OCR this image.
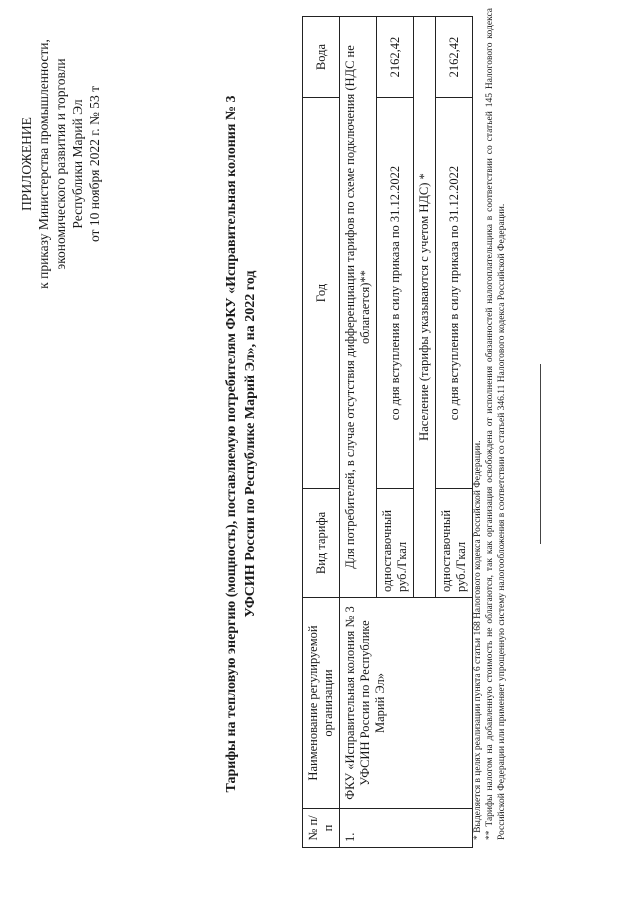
ПРИЛОЖЕНИЕ к приказу Министерства промышленности, экономического развития и торговли Республики Марий Эл от 10 ноября 2022 г. № 53 т	Тарифы на тепловую энергию (мощность), поставляемую потребителям ФКУ «Исправительная колония № 3 УФСИН России по Республике Марий Эл», на 2022 год
№ п/п	Наименование регулируемой организации	Вид тарифа	Год	Вода
1.	ФКУ «Исправительная колония № 3 УФСИН России по Республике Марий Эл»	Для потребителей, в случае отсутствия дифференциации тарифов по схеме подключения (НДС не облагается)**		
		одноставочный руб./Гкал	со дня вступления в силу приказа по 31.12.2022	2162,42
		Население (тарифы указываются с учетом НДС) *		
		одноставочный руб./Гкал	со дня вступления в силу приказа по 31.12.2022	2162,42

* Выделяется в целях реализации пункта 6 статьи 168 Налогового кодекса Российской Федерации. ** Тарифы налогом на добавленную стоимость не облагаются, так как организация освобождена от исполнения обязанностей налогоплательщика в соответствии со статьей 145 Налогового кодекса Российской Федерации или применяет упрощенную систему налогообложения в соответствии со статьей 346.11 Налогового кодекса Российской Федерации.
